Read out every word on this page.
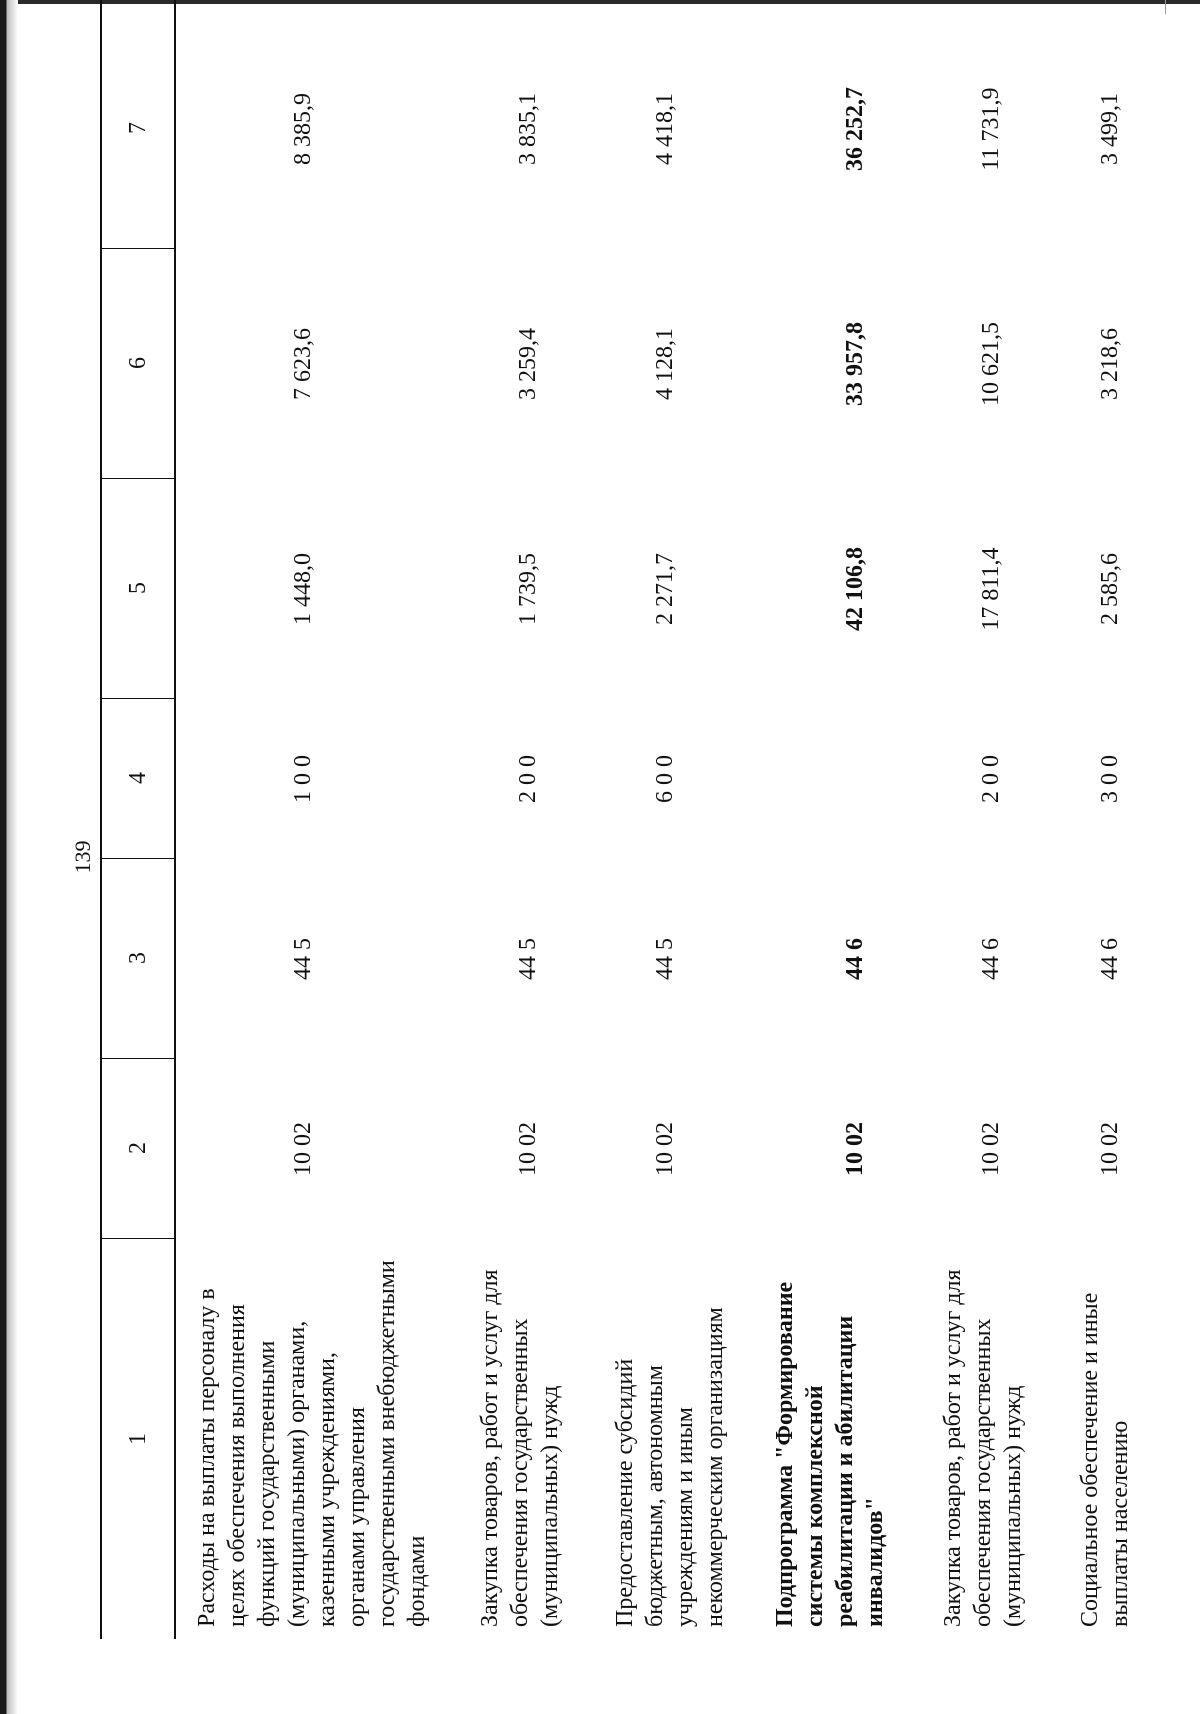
139
1
2
3
4
5
6
7
Расходы на выплаты персоналу в целях обеспечения выполнения функций государственными (муниципальными) органами, казенными учреждениями, органами управления государственными внебюджетными фондами
10 02
44 5
1 0 0
1 448,0
7 623,6
8 385,9
Закупка товаров, работ и услуг для обеспечения государственных (муниципальных) нужд
10 02
44 5
2 0 0
1 739,5
3 259,4
3 835,1
Предоставление субсидий бюджетным, автономным учреждениям и иным некоммерческим организациям
10 02
44 5
6 0 0
2 271,7
4 128,1
4 418,1
Подпрограмма "Формирование системы комплексной реабилитации и абилитации инвалидов"
10 02
44 6
42 106,8
33 957,8
36 252,7
Закупка товаров, работ и услуг для обеспечения государственных (муниципальных) нужд
10 02
44 6
2 0 0
17 811,4
10 621,5
11 731,9
Социальное обеспечение и иные выплаты населению
10 02
44 6
3 0 0
2 585,6
3 218,6
3 499,1
